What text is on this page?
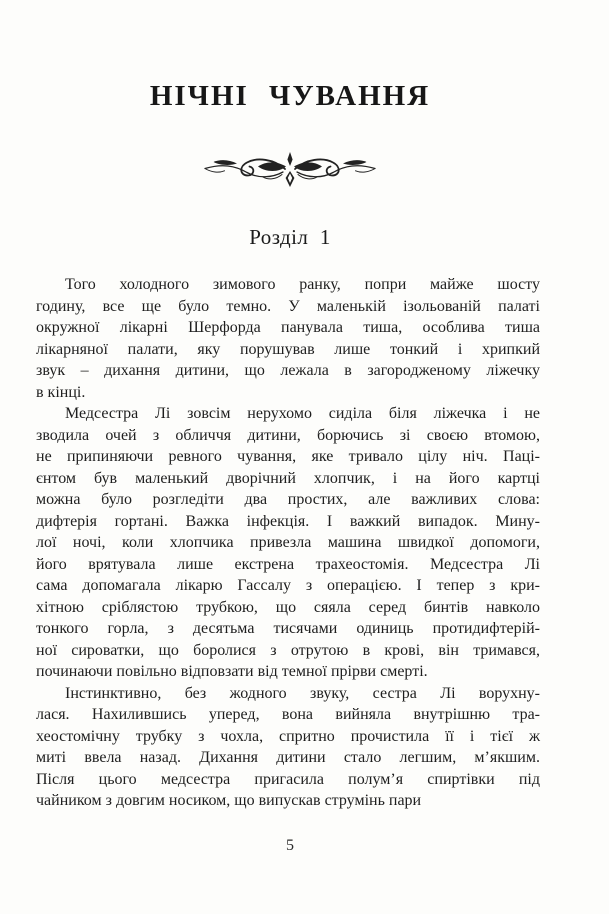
НІЧНІ ЧУВАННЯ
Розділ 1

Того холодного зимового ранку, попри майже шосту
годину, все ще було темно. У маленькій ізольованій палаті
окружної лікарні Шерфорда панувала тиша, особлива тиша
лікарняної палати, яку порушував лише тонкий і хрипкий
звук – дихання дитини, що лежала в загородженому ліжечку
в кінці.

Медсестра Лі зовсім нерухомо сиділа біля ліжечка і не
зводила очей з обличчя дитини, борючись зі своєю втомою,
не припиняючи ревного чування, яке тривало цілу ніч. Паці-
єнтом був маленький дворічний хлопчик, і на його картці
можна було розгледіти два простих, але важливих слова:
дифтерія гортані. Важка інфекція. І важкий випадок. Мину-
лої ночі, коли хлопчика привезла машина швидкої допомоги,
його врятувала лише екстрена трахеостомія. Медсестра Лі
сама допомагала лікарю Гассалу з операцією. І тепер з кри-
хітною сріблястою трубкою, що сяяла серед бинтів навколо
тонкого горла, з десятьма тисячами одиниць протидифтерій-
ної сироватки, що боролися з отрутою в крові, він тримався,
починаючи повільно відповзати від темної прірви смерті.

Інстинктивно, без жодного звуку, сестра Лі ворухну-
лася. Нахилившись уперед, вона вийняла внутрішню тра-
хеостомічну трубку з чохла, спритно прочистила її і тієї ж
миті ввела назад. Дихання дитини стало легшим, м’якшим.
Після цього медсестра пригасила полум’я спиртівки під
чайником з довгим носиком, що випускав струмінь пари

5
